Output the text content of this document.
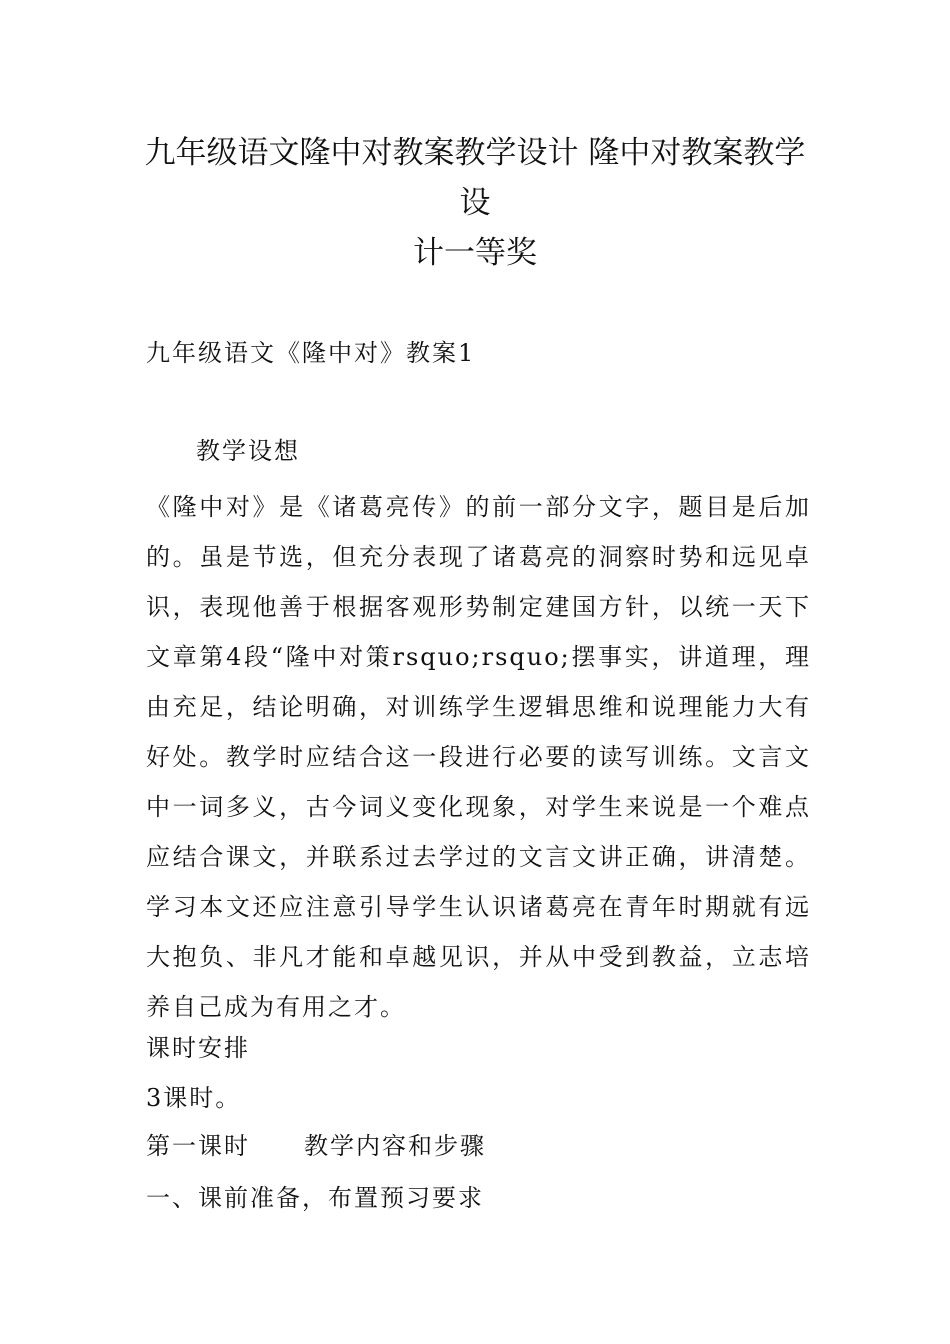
九年级语文隆中对教案教学设计 隆中对教案教学设
计一等奖

九年级语文《隆中对》教案1

教学设想

《隆中对》是《诸葛亮传》的前一部分文字，题目是后加的。虽是节选，但充分表现了诸葛亮的洞察时势和远见卓识，表现他善于根据客观形势制定建国方针，以统一天下文章第4段“隆中对策rsquo;rsquo;摆事实，讲道理，理由充足，结论明确，对训练学生逻辑思维和说理能力大有好处。教学时应结合这一段进行必要的读写训练。文言文中一词多义，古今词义变化现象，对学生来说是一个难点应结合课文，并联系过去学过的文言文讲正确，讲清楚。学习本文还应注意引导学生认识诸葛亮在青年时期就有远大抱负、非凡才能和卓越见识，并从中受到教益，立志培养自己成为有用之才。

课时安排

3课时。

第一课时 教学内容和步骤

一、课前准备，布置预习要求
